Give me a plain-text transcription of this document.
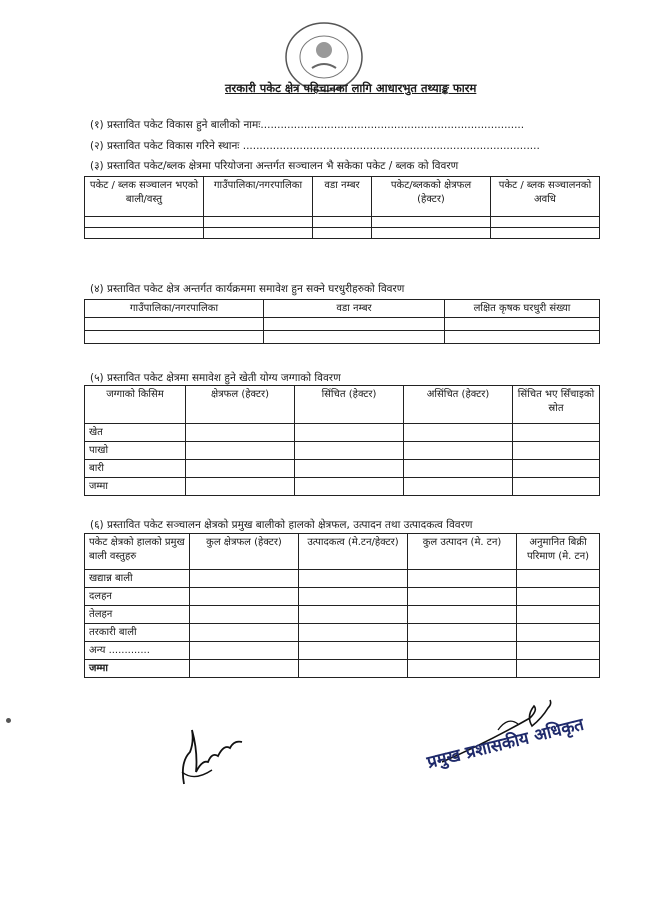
तरकारी पकेट क्षेत्र पहिचानका लागि आधारभुत तथ्याङ्क फारम
(१) प्रस्तावित पकेट विकास हुने बालीको नामः...............................................................................
(२) प्रस्तावित पकेट विकास गरिने स्थानः .........................................................................................
(३) प्रस्तावित पकेट/ब्लक क्षेत्रमा परियोजना अन्तर्गत सञ्चालन भै सकेका पकेट / ब्लक को विवरण
पकेट / ब्लक सञ्चालन भएको बाली/वस्तु	गाउँपालिका/नगरपालिका	वडा नम्बर	पकेट/ब्लकको क्षेत्रफल (हेक्टर)	पकेट / ब्लक सञ्चालनको अवधि

(४) प्रस्तावित पकेट क्षेत्र अन्तर्गत कार्यक्रममा समावेश हुन सक्ने घरधुरीहरुको विवरण
गाउँपालिका/नगरपालिका	वडा नम्बर	लक्षित कृषक घरधुरी संख्या

(५) प्रस्तावित पकेट क्षेत्रमा समावेश हुने खेती योग्य जग्गाको विवरण
जग्गाको किसिम	क्षेत्रफल (हेक्टर)	सिंचित (हेक्टर)	असिंचित (हेक्टर)	सिंचित भए सिँचाइको स्रोत
खेत				
पाखो				
बारी				
जम्मा				
(६) प्रस्तावित पकेट सञ्चालन क्षेत्रको प्रमुख बालीको हालको क्षेत्रफल, उत्पादन तथा उत्पादकत्व विवरण
पकेट क्षेत्रको हालको प्रमुख बाली वस्तुहरु	कुल क्षेत्रफल (हेक्टर)	उत्पादकत्व (मे.टन/हेक्टर)	कुल उत्पादन (मे. टन)	अनुमानित बिक्री परिमाण (मे. टन)
खद्यान्न बाली				
दलहन				
तेलहन				
तरकारी बाली				
अन्य .............				
जम्मा				
प्रमुख प्रशासकीय अधिकृत
